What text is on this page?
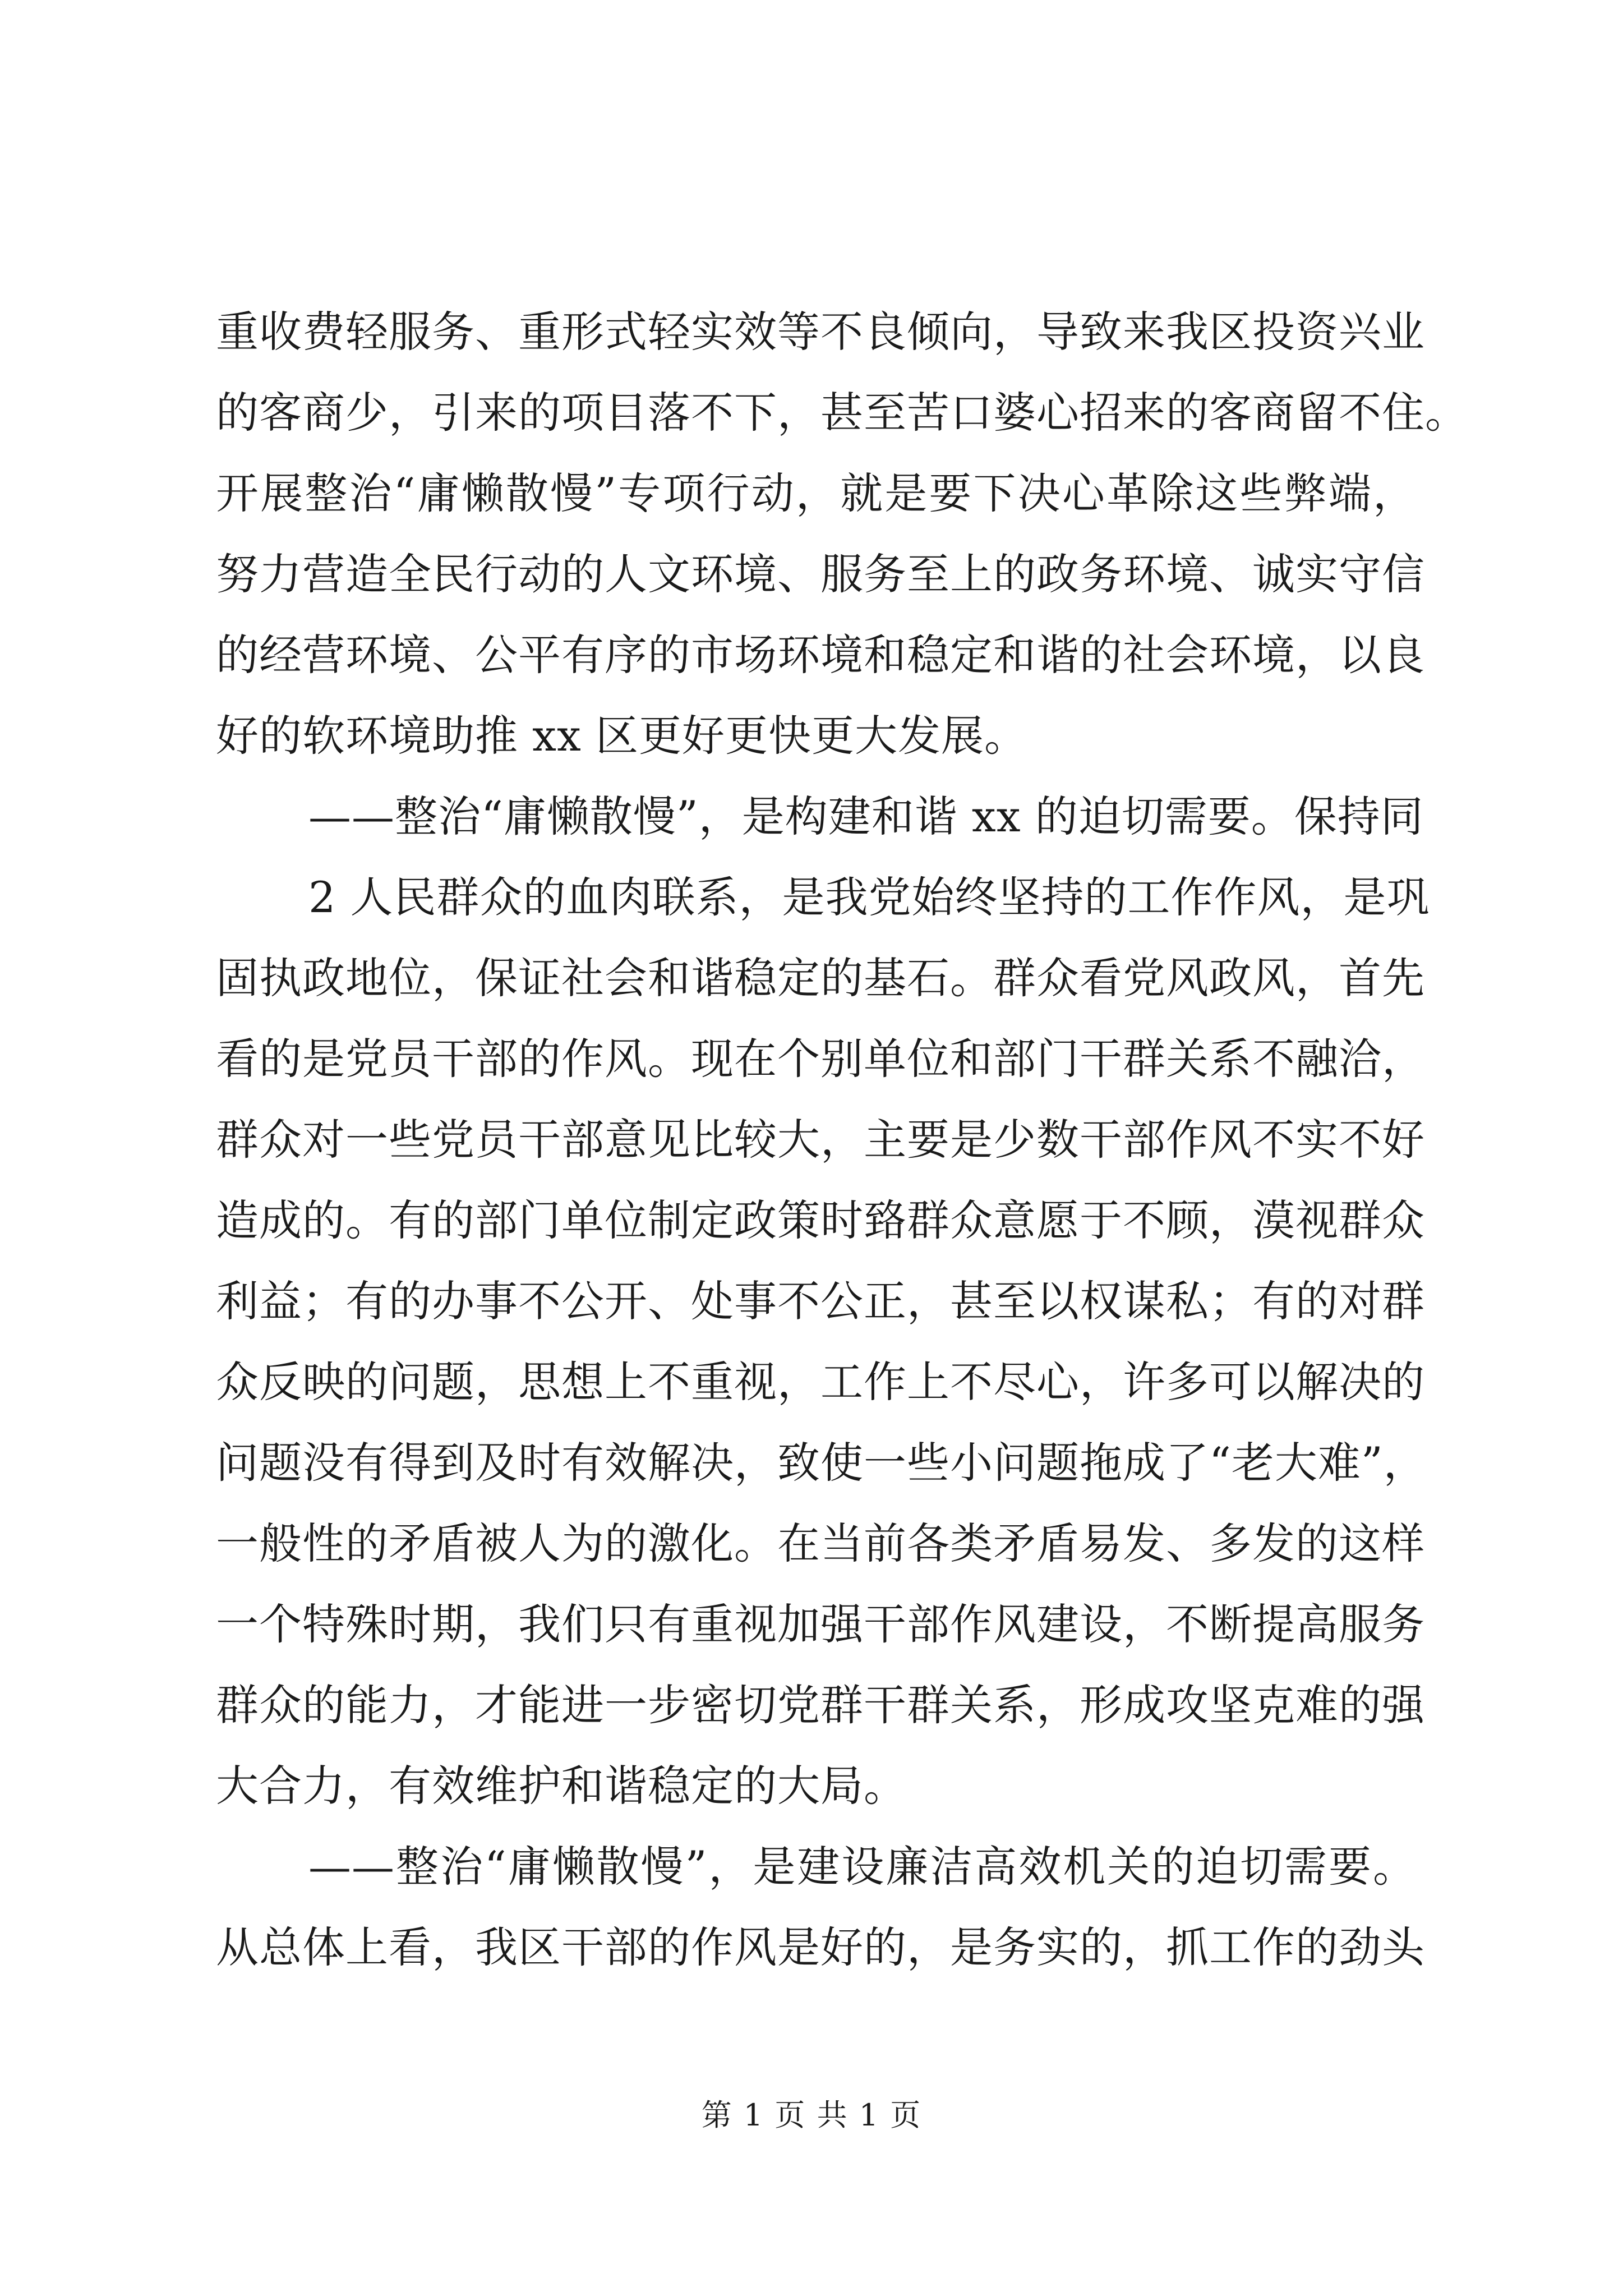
重收费轻服务、重形式轻实效等不良倾向，导致来我区投资兴业
的客商少，引来的项目落不下，甚至苦口婆心招来的客商留不住。
开展整治“庸懒散慢”专项行动，就是要下决心革除这些弊端，
努力营造全民行动的人文环境、服务至上的政务环境、诚实守信
的经营环境、公平有序的市场环境和稳定和谐的社会环境，以良
好的软环境助推 xx 区更好更快更大发展。
——整治“庸懒散慢”，是构建和谐 xx 的迫切需要。保持同
2 人民群众的血肉联系，是我党始终坚持的工作作风，是巩
固执政地位，保证社会和谐稳定的基石。群众看党风政风，首先
看的是党员干部的作风。现在个别单位和部门干群关系不融洽，
群众对一些党员干部意见比较大，主要是少数干部作风不实不好
造成的。有的部门单位制定政策时臵群众意愿于不顾，漠视群众
利益；有的办事不公开、处事不公正，甚至以权谋私；有的对群
众反映的问题，思想上不重视，工作上不尽心，许多可以解决的
问题没有得到及时有效解决，致使一些小问题拖成了“老大难”，
一般性的矛盾被人为的激化。在当前各类矛盾易发、多发的这样
一个特殊时期，我们只有重视加强干部作风建设，不断提高服务
群众的能力，才能进一步密切党群干群关系，形成攻坚克难的强
大合力，有效维护和谐稳定的大局。
——整治“庸懒散慢”，是建设廉洁高效机关的迫切需要。
从总体上看，我区干部的作风是好的，是务实的，抓工作的劲头
第 1 页 共 1 页
